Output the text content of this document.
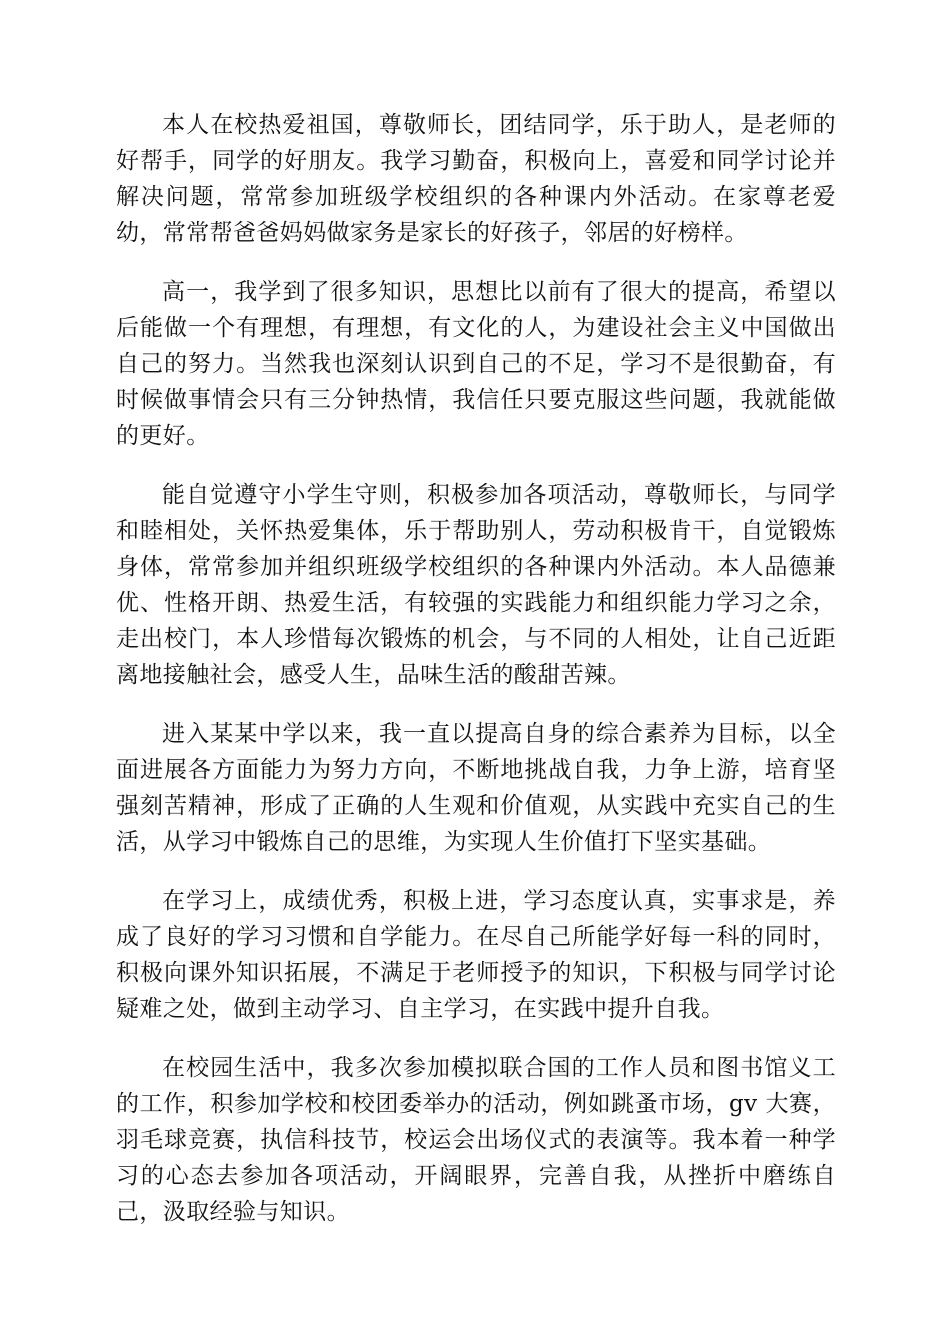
本人在校热爱祖国，尊敬师长，团结同学，乐于助人，是老师的好帮手，同学的好朋友。我学习勤奋，积极向上，喜爱和同学讨论并解决问题，常常参加班级学校组织的各种课内外活动。在家尊老爱幼，常常帮爸爸妈妈做家务是家长的好孩子，邻居的好榜样。

高一，我学到了很多知识，思想比以前有了很大的提高，希望以后能做一个有理想，有理想，有文化的人，为建设社会主义中国做出自己的努力。当然我也深刻认识到自己的不足，学习不是很勤奋，有时候做事情会只有三分钟热情，我信任只要克服这些问题，我就能做的更好。

能自觉遵守小学生守则，积极参加各项活动，尊敬师长，与同学和睦相处，关怀热爱集体，乐于帮助别人，劳动积极肯干，自觉锻炼身体，常常参加并组织班级学校组织的各种课内外活动。本人品德兼优、性格开朗、热爱生活，有较强的实践能力和组织能力学习之余，走出校门，本人珍惜每次锻炼的机会，与不同的人相处，让自己近距离地接触社会，感受人生，品味生活的酸甜苦辣。

进入某某中学以来，我一直以提高自身的综合素养为目标，以全面进展各方面能力为努力方向，不断地挑战自我，力争上游，培育坚强刻苦精神，形成了正确的人生观和价值观，从实践中充实自己的生活，从学习中锻炼自己的思维，为实现人生价值打下坚实基础。

在学习上，成绩优秀，积极上进，学习态度认真，实事求是，养成了良好的学习习惯和自学能力。在尽自己所能学好每一科的同时，积极向课外知识拓展，不满足于老师授予的知识，下积极与同学讨论疑难之处，做到主动学习、自主学习，在实践中提升自我。

在校园生活中，我多次参加模拟联合国的工作人员和图书馆义工的工作，积参加学校和校团委举办的活动，例如跳蚤市场，gv 大赛，羽毛球竞赛，执信科技节，校运会出场仪式的表演等。我本着一种学习的心态去参加各项活动，开阔眼界，完善自我，从挫折中磨练自己，汲取经验与知识。
